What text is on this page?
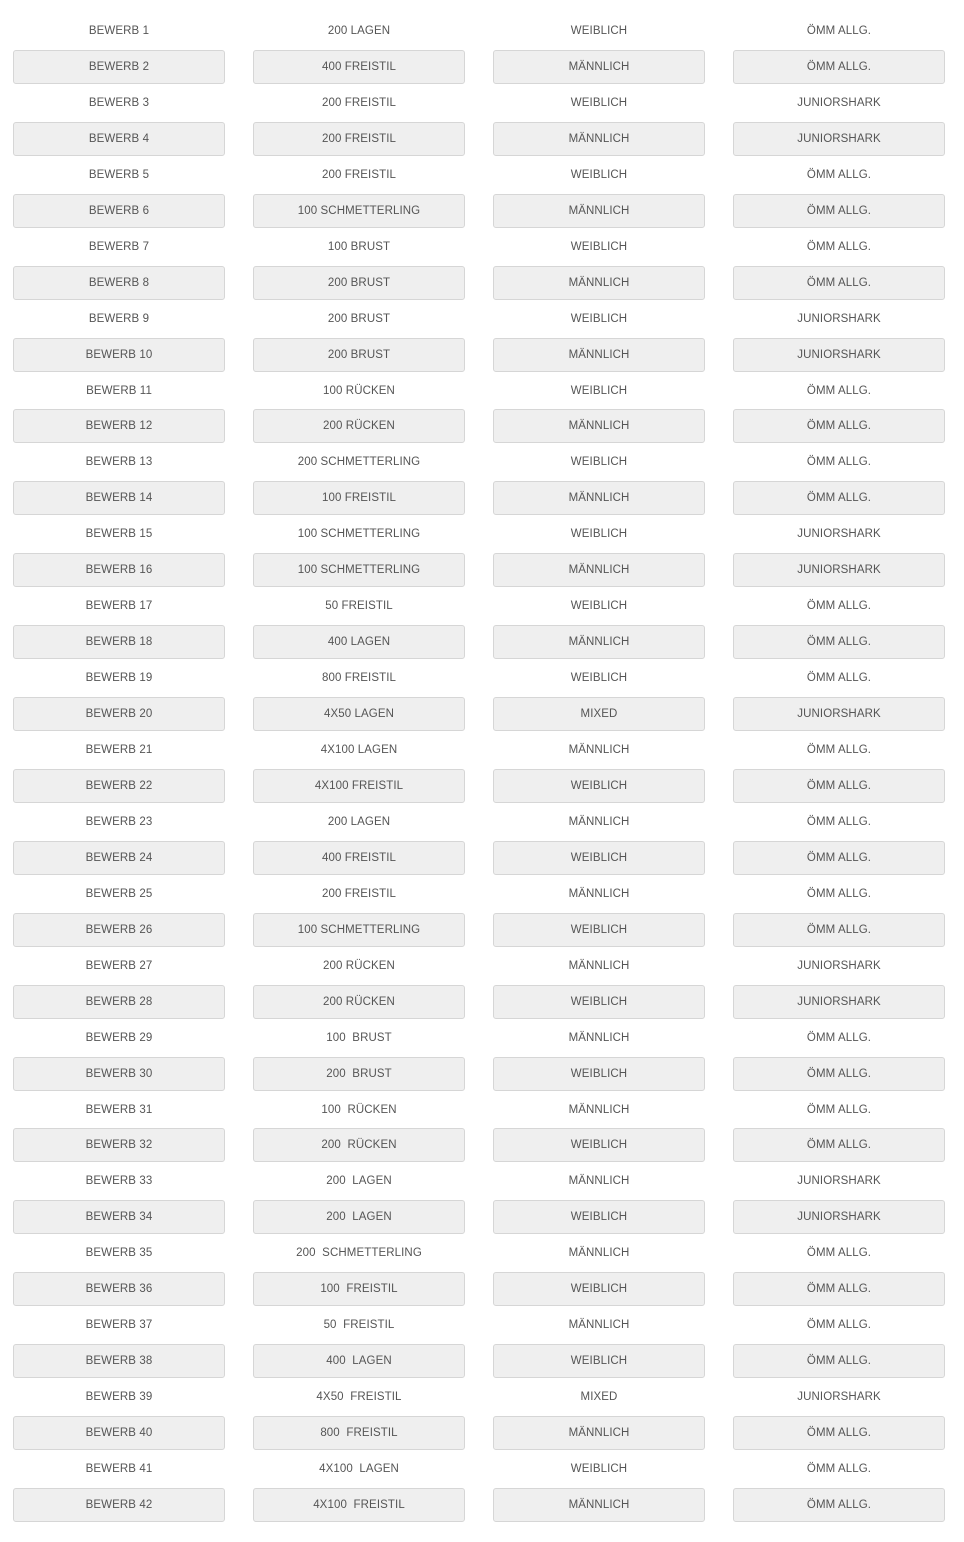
BEWERB 1	200 LAGEN	WEIBLICH	ÖMM ALLG.
BEWERB 2	400 FREISTIL	MÄNNLICH	ÖMM ALLG.
BEWERB 3	200 FREISTIL	WEIBLICH	JUNIORSHARK
BEWERB 4	200 FREISTIL	MÄNNLICH	JUNIORSHARK
BEWERB 5	200 FREISTIL	WEIBLICH	ÖMM ALLG.
BEWERB 6	100 SCHMETTERLING	MÄNNLICH	ÖMM ALLG.
BEWERB 7	100 BRUST	WEIBLICH	ÖMM ALLG.
BEWERB 8	200 BRUST	MÄNNLICH	ÖMM ALLG.
BEWERB 9	200 BRUST	WEIBLICH	JUNIORSHARK
BEWERB 10	200 BRUST	MÄNNLICH	JUNIORSHARK
BEWERB 11	100 RÜCKEN	WEIBLICH	ÖMM ALLG.
BEWERB 12	200 RÜCKEN	MÄNNLICH	ÖMM ALLG.
BEWERB 13	200 SCHMETTERLING	WEIBLICH	ÖMM ALLG.
BEWERB 14	100 FREISTIL	MÄNNLICH	ÖMM ALLG.
BEWERB 15	100 SCHMETTERLING	WEIBLICH	JUNIORSHARK
BEWERB 16	100 SCHMETTERLING	MÄNNLICH	JUNIORSHARK
BEWERB 17	50 FREISTIL	WEIBLICH	ÖMM ALLG.
BEWERB 18	400 LAGEN	MÄNNLICH	ÖMM ALLG.
BEWERB 19	800 FREISTIL	WEIBLICH	ÖMM ALLG.
BEWERB 20	4X50 LAGEN	MIXED	JUNIORSHARK
BEWERB 21	4X100 LAGEN	MÄNNLICH	ÖMM ALLG.
BEWERB 22	4X100 FREISTIL	WEIBLICH	ÖMM ALLG.
BEWERB 23	200 LAGEN	MÄNNLICH	ÖMM ALLG.
BEWERB 24	400 FREISTIL	WEIBLICH	ÖMM ALLG.
BEWERB 25	200 FREISTIL	MÄNNLICH	ÖMM ALLG.
BEWERB 26	100 SCHMETTERLING	WEIBLICH	ÖMM ALLG.
BEWERB 27	200 RÜCKEN	MÄNNLICH	JUNIORSHARK
BEWERB 28	200 RÜCKEN	WEIBLICH	JUNIORSHARK
BEWERB 29	100  BRUST	MÄNNLICH	ÖMM ALLG.
BEWERB 30	200  BRUST	WEIBLICH	ÖMM ALLG.
BEWERB 31	100  RÜCKEN	MÄNNLICH	ÖMM ALLG.
BEWERB 32	200  RÜCKEN	WEIBLICH	ÖMM ALLG.
BEWERB 33	200  LAGEN	MÄNNLICH	JUNIORSHARK
BEWERB 34	200  LAGEN	WEIBLICH	JUNIORSHARK
BEWERB 35	200  SCHMETTERLING	MÄNNLICH	ÖMM ALLG.
BEWERB 36	100  FREISTIL	WEIBLICH	ÖMM ALLG.
BEWERB 37	50  FREISTIL	MÄNNLICH	ÖMM ALLG.
BEWERB 38	400  LAGEN	WEIBLICH	ÖMM ALLG.
BEWERB 39	4X50  FREISTIL	MIXED	JUNIORSHARK
BEWERB 40	800  FREISTIL	MÄNNLICH	ÖMM ALLG.
BEWERB 41	4X100  LAGEN	WEIBLICH	ÖMM ALLG.
BEWERB 42	4X100  FREISTIL	MÄNNLICH	ÖMM ALLG.
